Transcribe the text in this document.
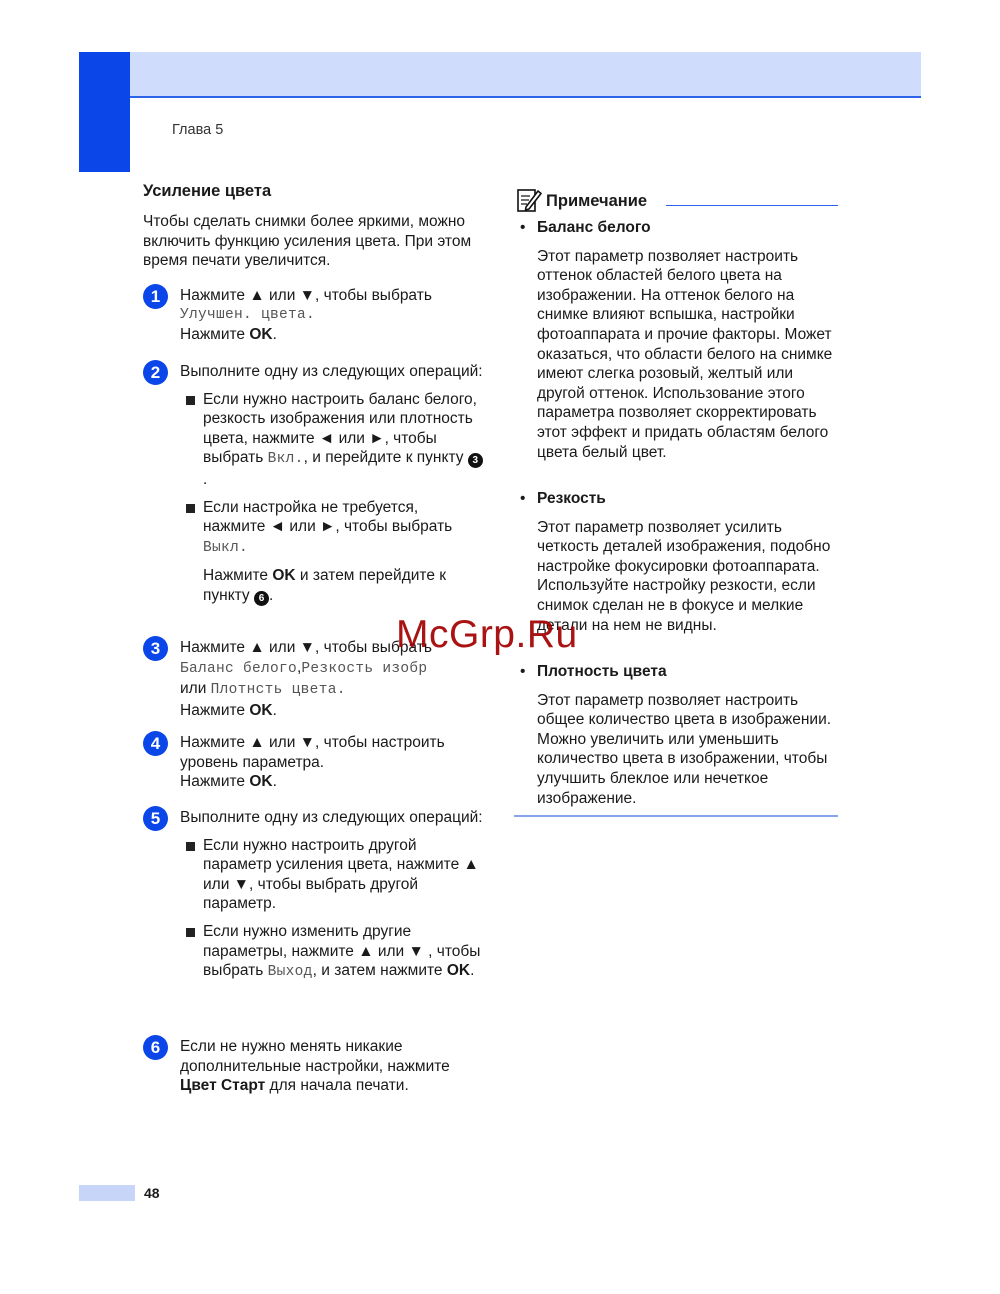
Глава 5
Усиление цвета
Чтобы сделать снимки более яркими, можно включить функцию усиления цвета. При этом время печати увеличится.
1	Нажмите ▲ или ▼, чтобы выбрать
Улучшен. цвета.
Нажмите OK.
2	Выполните одну из следующих операций:

Если нужно настроить баланс белого, резкость изображения или плотность цвета, нажмите ◄ или ►, чтобы выбрать Вкл., и перейдите к пункту 3.

Если настройка не требуется, нажмите ◄ или ►, чтобы выбрать Выкл.

Нажмите OK и затем перейдите к пункту 6 .

3	Нажмите ▲ или ▼, чтобы выбрать
Баланс белого,Резкость изобр
или Плотнсть цвета.
Нажмите OK.
4	Нажмите ▲ или ▼, чтобы настроить уровень параметра.
Нажмите OK.
5	Выполните одну из следующих операций:

Если нужно настроить другой параметр усиления цвета, нажмите ▲ или ▼, чтобы выбрать другой параметр.

Если нужно изменить другие параметры, нажмите ▲ или ▼ , чтобы выбрать Выход, и затем нажмите OK.

6	Если не нужно менять никакие дополнительные настройки, нажмите Цвет Старт для начала печати.
Примечание
• Баланс белого
Этот параметр позволяет настроить оттенок областей белого цвета на изображении. На оттенок белого на снимке влияют вспышка, настройки фотоаппарата и прочие факторы. Может оказаться, что области белого на снимке имеют слегка розовый, желтый или другой оттенок. Использование этого параметра позволяет скорректировать этот эффект и придать областям белого цвета белый цвет.
• Резкость
Этот параметр позволяет усилить четкость деталей изображения, подобно настройке фокусировки фотоаппарата. Используйте настройку резкости, если снимок сделан не в фокусе и мелкие детали на нем не видны.
• Плотность цвета
Этот параметр позволяет настроить общее количество цвета в изображении. Можно увеличить или уменьшить количество цвета в изображении, чтобы улучшить блеклое или нечеткое изображение.
48
McGrp.Ru
